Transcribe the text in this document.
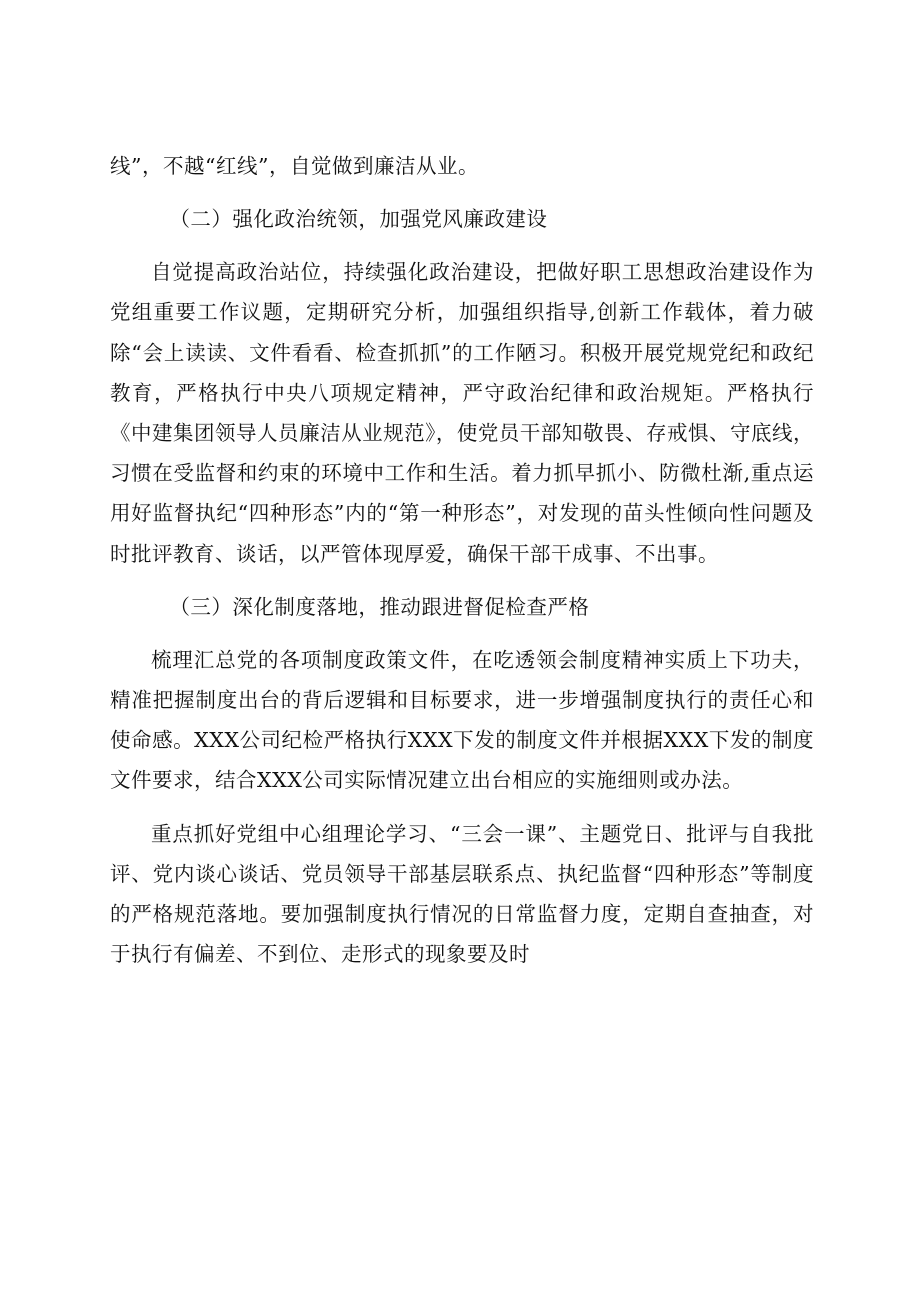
线”，不越“红线”，自觉做到廉洁从业。

（二）强化政治统领，加强党风廉政建设

自觉提高政治站位，持续强化政治建设，把做好职工思想政治建设作为党组重要工作议题，定期研究分析，加强组织指导,创新工作载体，着力破除“会上读读、文件看看、检查抓抓”的工作陋习。积极开展党规党纪和政纪教育，严格执行中央八项规定精神，严守政治纪律和政治规矩。严格执行《中建集团领导人员廉洁从业规范》，使党员干部知敬畏、存戒惧、守底线，习惯在受监督和约束的环境中工作和生活。着力抓早抓小、防微杜渐,重点运用好监督执纪“四种形态”内的“第一种形态”，对发现的苗头性倾向性问题及时批评教育、谈话，以严管体现厚爱，确保干部干成事、不出事。

（三）深化制度落地，推动跟进督促检查严格

梳理汇总党的各项制度政策文件，在吃透领会制度精神实质上下功夫，精准把握制度出台的背后逻辑和目标要求，进一步增强制度执行的责任心和使命感。XXX公司纪检严格执行XXX下发的制度文件并根据XXX下发的制度文件要求，结合XXX公司实际情况建立出台相应的实施细则或办法。

重点抓好党组中心组理论学习、“三会一课”、主题党日、批评与自我批评、党内谈心谈话、党员领导干部基层联系点、执纪监督“四种形态”等制度的严格规范落地。要加强制度执行情况的日常监督力度，定期自查抽查，对于执行有偏差、不到位、走形式的现象要及时
